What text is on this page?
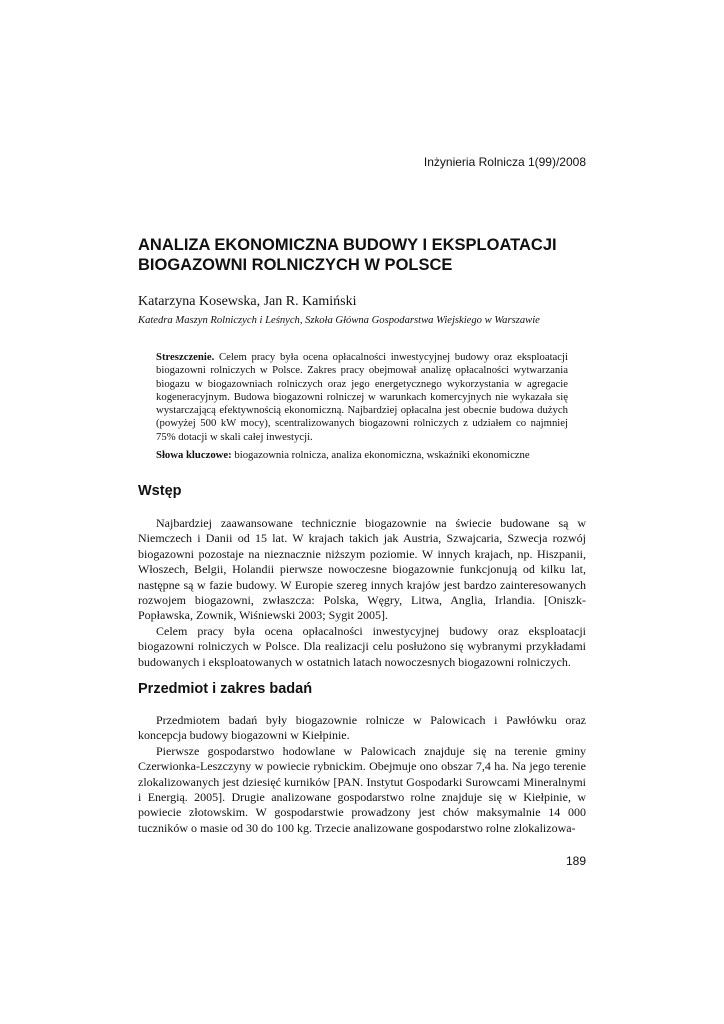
Inżynieria Rolnicza 1(99)/2008
ANALIZA EKONOMICZNA BUDOWY I EKSPLOATACJI
BIOGAZOWNI ROLNICZYCH W POLSCE
Katarzyna Kosewska, Jan R. Kamiński
Katedra Maszyn Rolniczych i Leśnych, Szkoła Główna Gospodarstwa Wiejskiego w Warszawie

Streszczenie. Celem pracy była ocena opłacalności inwestycyjnej budowy oraz eksploatacji biogazowni rolniczych w Polsce. Zakres pracy obejmował analizę opłacalności wytwarzania biogazu w biogazowniach rolniczych oraz jego energetycznego wykorzystania w agregacie kogeneracyjnym. Budowa biogazowni rolniczej w warunkach komercyjnych nie wykazała się wystarczającą efektywnością ekonomiczną. Najbardziej opłacalna jest obecnie budowa dużych (powyżej 500 kW mocy), scentralizowanych biogazowni rolniczych z udziałem co najmniej 75% dotacji w skali całej inwestycji.

Słowa kluczowe: biogazownia rolnicza, analiza ekonomiczna, wskaźniki ekonomiczne

Wstęp

Najbardziej zaawansowane technicznie biogazownie na świecie budowane są w Niemczech i Danii od 15 lat. W krajach takich jak Austria, Szwajcaria, Szwecja rozwój biogazowni pozostaje na nieznacznie niższym poziomie. W innych krajach, np. Hiszpanii, Włoszech, Belgii, Holandii pierwsze nowoczesne biogazownie funkcjonują od kilku lat, następne są w fazie budowy. W Europie szereg innych krajów jest bardzo zainteresowanych rozwojem biogazowni, zwłaszcza: Polska, Węgry, Litwa, Anglia, Irlandia. [Oniszk-Popławska, Zownik, Wiśniewski 2003; Sygit 2005].

Celem pracy była ocena opłacalności inwestycyjnej budowy oraz eksploatacji biogazowni rolniczych w Polsce. Dla realizacji celu posłużono się wybranymi przykładami budowanych i eksploatowanych w ostatnich latach nowoczesnych biogazowni rolniczych.

Przedmiot i zakres badań

Przedmiotem badań były biogazownie rolnicze w Palowicach i Pawłówku oraz koncepcja budowy biogazowni w Kiełpinie.

Pierwsze gospodarstwo hodowlane w Palowicach znajduje się na terenie gminy Czerwionka-Leszczyny w powiecie rybnickim. Obejmuje ono obszar 7,4 ha. Na jego terenie zlokalizowanych jest dziesięć kurników [PAN. Instytut Gospodarki Surowcami Mineralnymi i Energią. 2005]. Drugie analizowane gospodarstwo rolne znajduje się w Kiełpinie, w powiecie złotowskim. W gospodarstwie prowadzony jest chów maksymalnie 14 000 tuczników o masie od 30 do 100 kg. Trzecie analizowane gospodarstwo rolne zlokalizowa-

189
